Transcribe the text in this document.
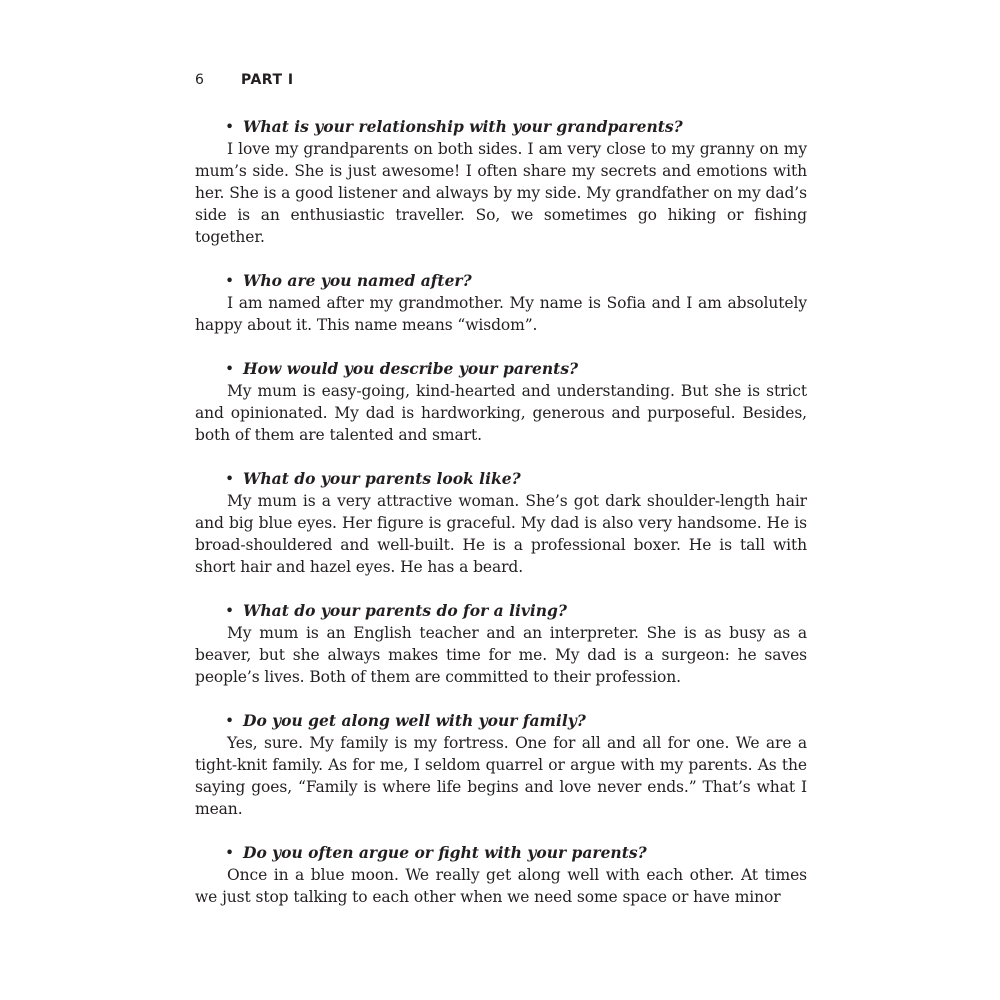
6	PART I
• What is your relationship with your grandparents?

I love my grandparents on both sides. I am very close to my granny on my mum’s side. She is just awesome! I often share my secrets and emotions with her. She is a good listener and always by my side. My grandfather on my dad’s side is an enthusiastic traveller. So, we sometimes go hiking or fishing together.

• Who are you named after?

I am named after my grandmother. My name is Sofia and I am absolutely happy about it. This name means “wisdom”.

• How would you describe your parents?

My mum is easy-going, kind-hearted and understanding. But she is strict and opinionated. My dad is hardworking, generous and purposeful. Besides, both of them are talented and smart.

• What do your parents look like?

My mum is a very attractive woman. She’s got dark shoulder-length hair and big blue eyes. Her figure is graceful. My dad is also very handsome. He is broad-shouldered and well-built. He is a professional boxer. He is tall with short hair and hazel eyes. He has a beard.

• What do your parents do for a living?

My mum is an English teacher and an interpreter. She is as busy as a beaver, but she always makes time for me. My dad is a surgeon: he saves people’s lives. Both of them are committed to their profession.

• Do you get along well with your family?

Yes, sure. My family is my fortress. One for all and all for one. We are a tight-knit family. As for me, I seldom quarrel or argue with my parents. As the saying goes, “Family is where life begins and love never ends.” That’s what I mean.

• Do you often argue or fight with your parents?

Once in a blue moon. We really get along well with each other. At times we just stop talking to each other when we need some space or have minor
